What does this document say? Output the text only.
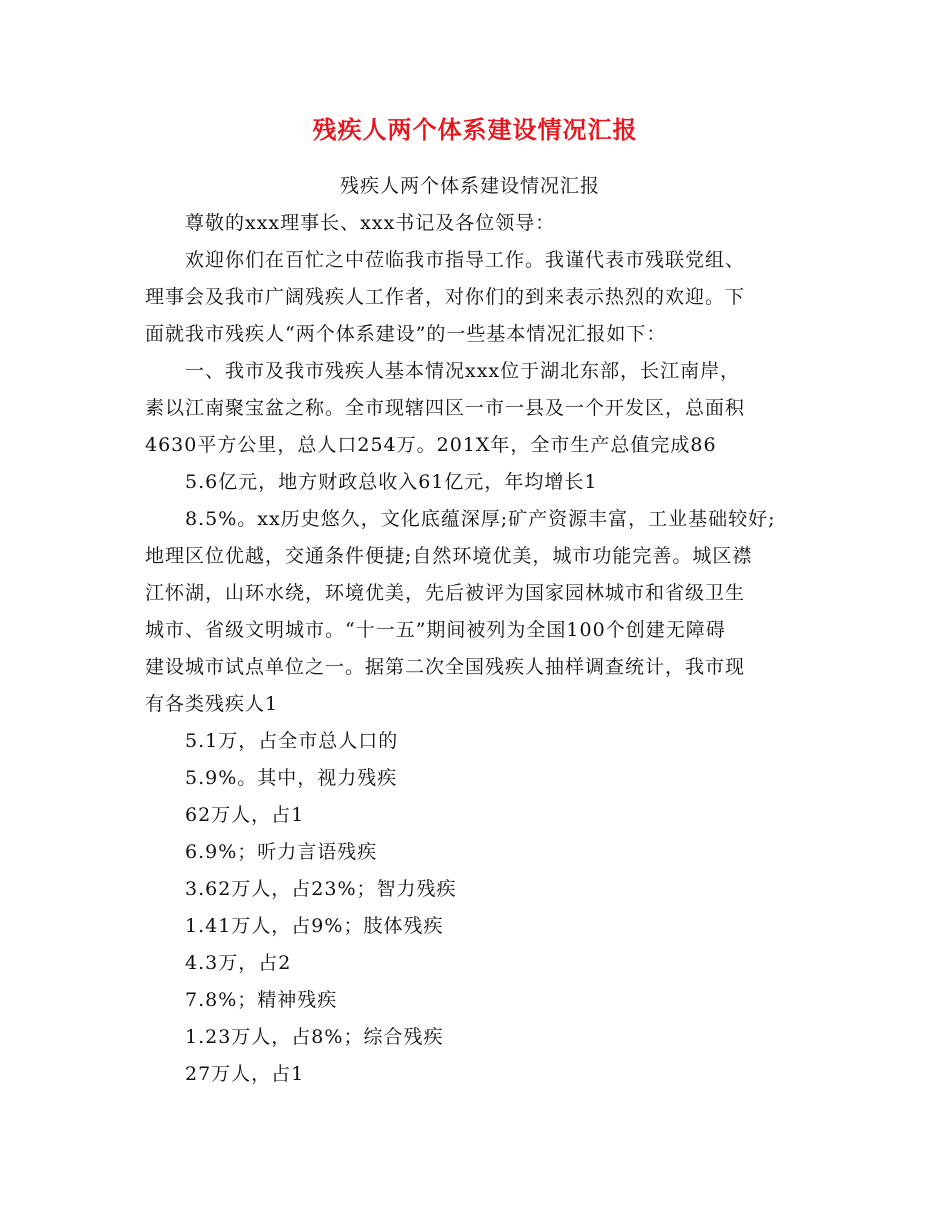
残疾人两个体系建设情况汇报
残疾人两个体系建设情况汇报
尊敬的xxx理事长、xxx书记及各位领导：
欢迎你们在百忙之中莅临我市指导工作。我谨代表市残联党组、
理事会及我市广阔残疾人工作者，对你们的到来表示热烈的欢迎。下
面就我市残疾人“两个体系建设”的一些基本情况汇报如下：
一、我市及我市残疾人基本情况xxx位于湖北东部，长江南岸，
素以江南聚宝盆之称。全市现辖四区一市一县及一个开发区，总面积
4630平方公里，总人口254万。201X年，全市生产总值完成86
5.6亿元，地方财政总收入61亿元，年均增长1
8.5%。xx历史悠久，文化底蕴深厚;矿产资源丰富，工业基础较好;
地理区位优越，交通条件便捷;自然环境优美，城市功能完善。城区襟
江怀湖，山环水绕，环境优美，先后被评为国家园林城市和省级卫生
城市、省级文明城市。“十一五”期间被列为全国100个创建无障碍
建设城市试点单位之一。据第二次全国残疾人抽样调查统计，我市现
有各类残疾人1
5.1万，占全市总人口的
5.9%。其中，视力残疾
62万人，占1
6.9%；听力言语残疾
3.62万人，占23%；智力残疾
1.41万人，占9%；肢体残疾
4.3万，占2
7.8%；精神残疾
1.23万人，占8%；综合残疾
27万人，占1
